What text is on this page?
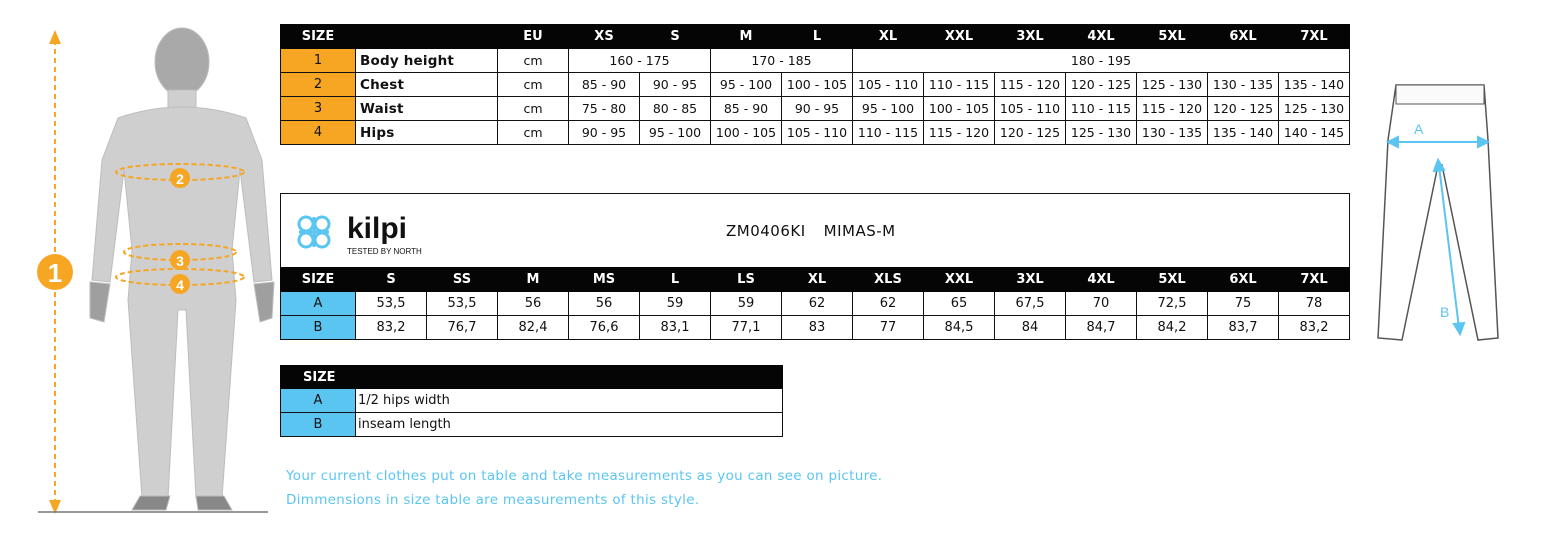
1
2
3
4
SIZE		EU	XS	S	M	L	XL	XXL	3XL	4XL	5XL	6XL	7XL
1	Body height	cm	160 - 175		170 - 185		180 - 195						
2	Chest	cm	85 - 90	90 - 95	95 - 100	100 - 105	105 - 110	110 - 115	115 - 120	120 - 125	125 - 130	130 - 135	135 - 140
3	Waist	cm	75 - 80	80 - 85	85 - 90	90 - 95	95 - 100	100 - 105	105 - 110	110 - 115	115 - 120	120 - 125	125 - 130
4	Hips	cm	90 - 95	95 - 100	100 - 105	105 - 110	110 - 115	115 - 120	120 - 125	125 - 130	130 - 135	135 - 140	140 - 145
kilpi
TESTED BY NORTH
ZM0406KI MIMAS-M
SIZE	S	SS	M	MS	L	LS	XL	XLS	XXL	3XL	4XL	5XL	6XL	7XL
A	53,5	53,5	56	56	59	59	62	62	65	67,5	70	72,5	75	78
B	83,2	76,7	82,4	76,6	83,1	77,1	83	77	84,5	84	84,7	84,2	83,7	83,2
SIZE	
A	1/2 hips width
B	inseam length
Your current clothes put on table and take measurements as you can see on picture.
Dimmensions in size table are measurements of this style.
A
B
